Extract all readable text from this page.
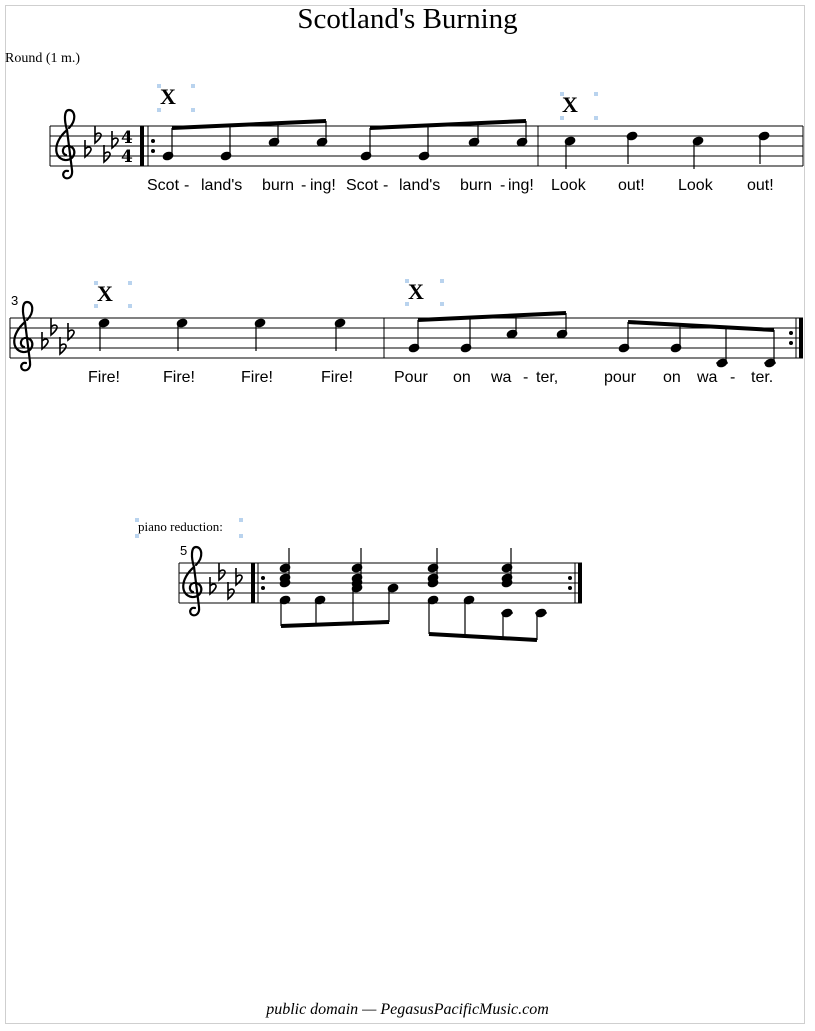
Scotland's Burning
Round (1 m.)
public domain — PegasusPacificMusic.com
4
4
X	X
Scot - land's burn - ing! Scot - land's burn - ing! Look out! Look out!
3	X	X
Fire!	Fire!	Fire!	Fire!	Pour on wa - ter,	pour on wa - ter.
piano reduction:
5
